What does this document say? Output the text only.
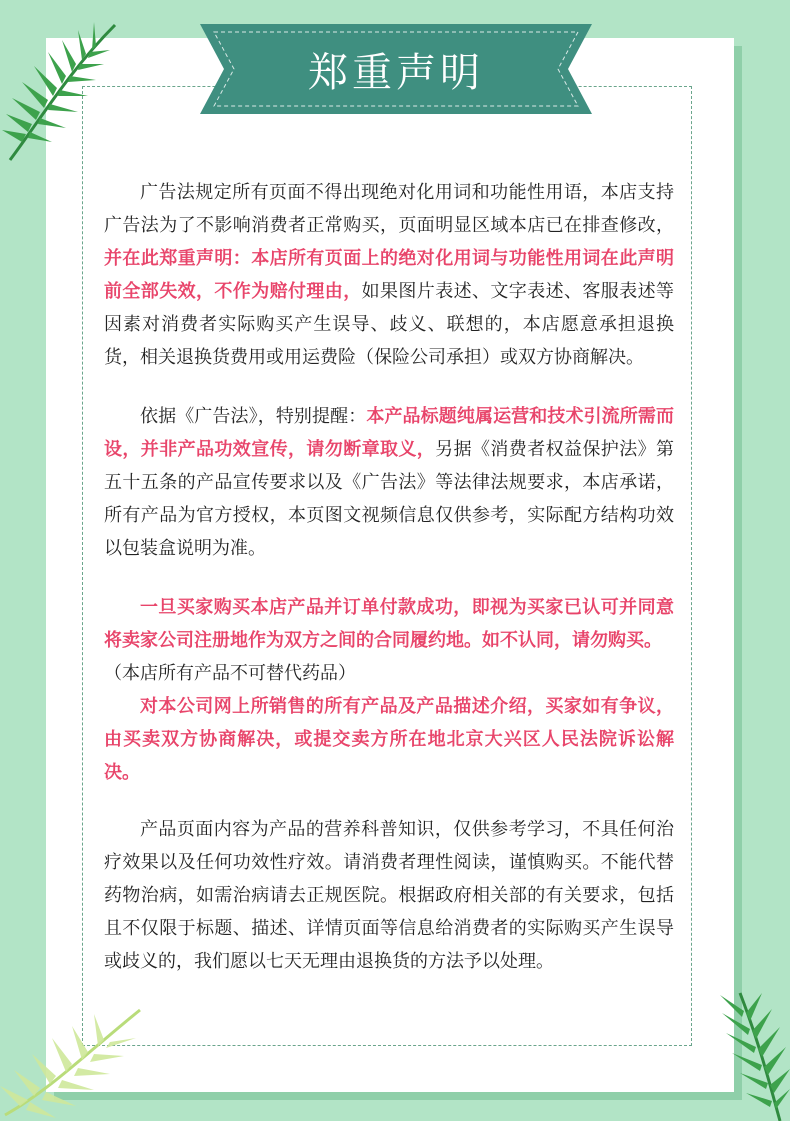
郑重声明

广告法规定所有页面不得出现绝对化用词和功能性用语，本店支持广告法为了不影响消费者正常购买，页面明显区域本店已在排查修改，并在此郑重声明：本店所有页面上的绝对化用词与功能性用词在此声明前全部失效，不作为赔付理由，如果图片表述、文字表述、客服表述等因素对消费者实际购买产生误导、歧义、联想的，本店愿意承担退换货，相关退换货费用或用运费险（保险公司承担）或双方协商解决。

依据《广告法》，特别提醒：本产品标题纯属运营和技术引流所需而设，并非产品功效宣传，请勿断章取义，另据《消费者权益保护法》第五十五条的产品宣传要求以及《广告法》等法律法规要求，本店承诺，所有产品为官方授权，本页图文视频信息仅供参考，实际配方结构功效以包装盒说明为准。

一旦买家购买本店产品并订单付款成功，即视为买家已认可并同意将卖家公司注册地作为双方之间的合同履约地。如不认同，请勿购买。

（本店所有产品不可替代药品）

对本公司网上所销售的所有产品及产品描述介绍，买家如有争议，由买卖双方协商解决，或提交卖方所在地北京大兴区人民法院诉讼解决。

产品页面内容为产品的营养科普知识，仅供参考学习，不具任何治疗效果以及任何功效性疗效。请消费者理性阅读，谨慎购买。不能代替药物治病，如需治病请去正规医院。根据政府相关部的有关要求，包括且不仅限于标题、描述、详情页面等信息给消费者的实际购买产生误导或歧义的，我们愿以七天无理由退换货的方法予以处理。
